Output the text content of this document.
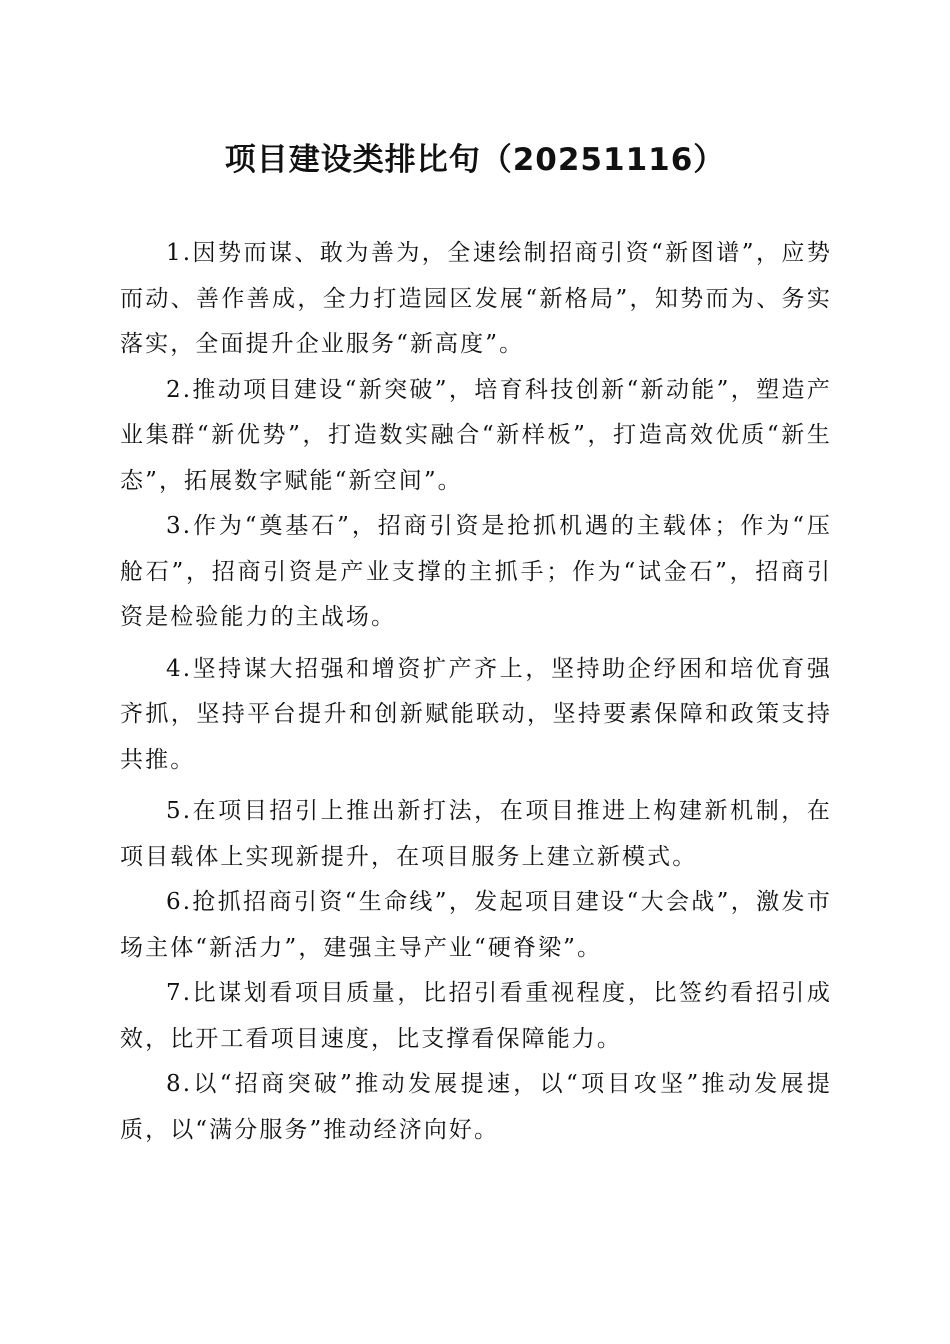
项目建设类排比句（20251116）

1.因势而谋、敢为善为，全速绘制招商引资“新图谱”，应势而动、善作善成，全力打造园区发展“新格局”，知势而为、务实落实，全面提升企业服务“新高度”。

2.推动项目建设“新突破”，培育科技创新“新动能”，塑造产业集群“新优势”，打造数实融合“新样板”，打造高效优质“新生态”，拓展数字赋能“新空间”。

3.作为“奠基石”，招商引资是抢抓机遇的主载体；作为“压舱石”，招商引资是产业支撑的主抓手；作为“试金石”，招商引资是检验能力的主战场。

4.坚持谋大招强和增资扩产齐上，坚持助企纾困和培优育强齐抓，坚持平台提升和创新赋能联动，坚持要素保障和政策支持共推。

5.在项目招引上推出新打法，在项目推进上构建新机制，在项目载体上实现新提升，在项目服务上建立新模式。

6.抢抓招商引资“生命线”，发起项目建设“大会战”，激发市场主体“新活力”，建强主导产业“硬脊梁”。

7.比谋划看项目质量，比招引看重视程度，比签约看招引成效，比开工看项目速度，比支撑看保障能力。

8.以“招商突破”推动发展提速，以“项目攻坚”推动发展提质，以“满分服务”推动经济向好。
